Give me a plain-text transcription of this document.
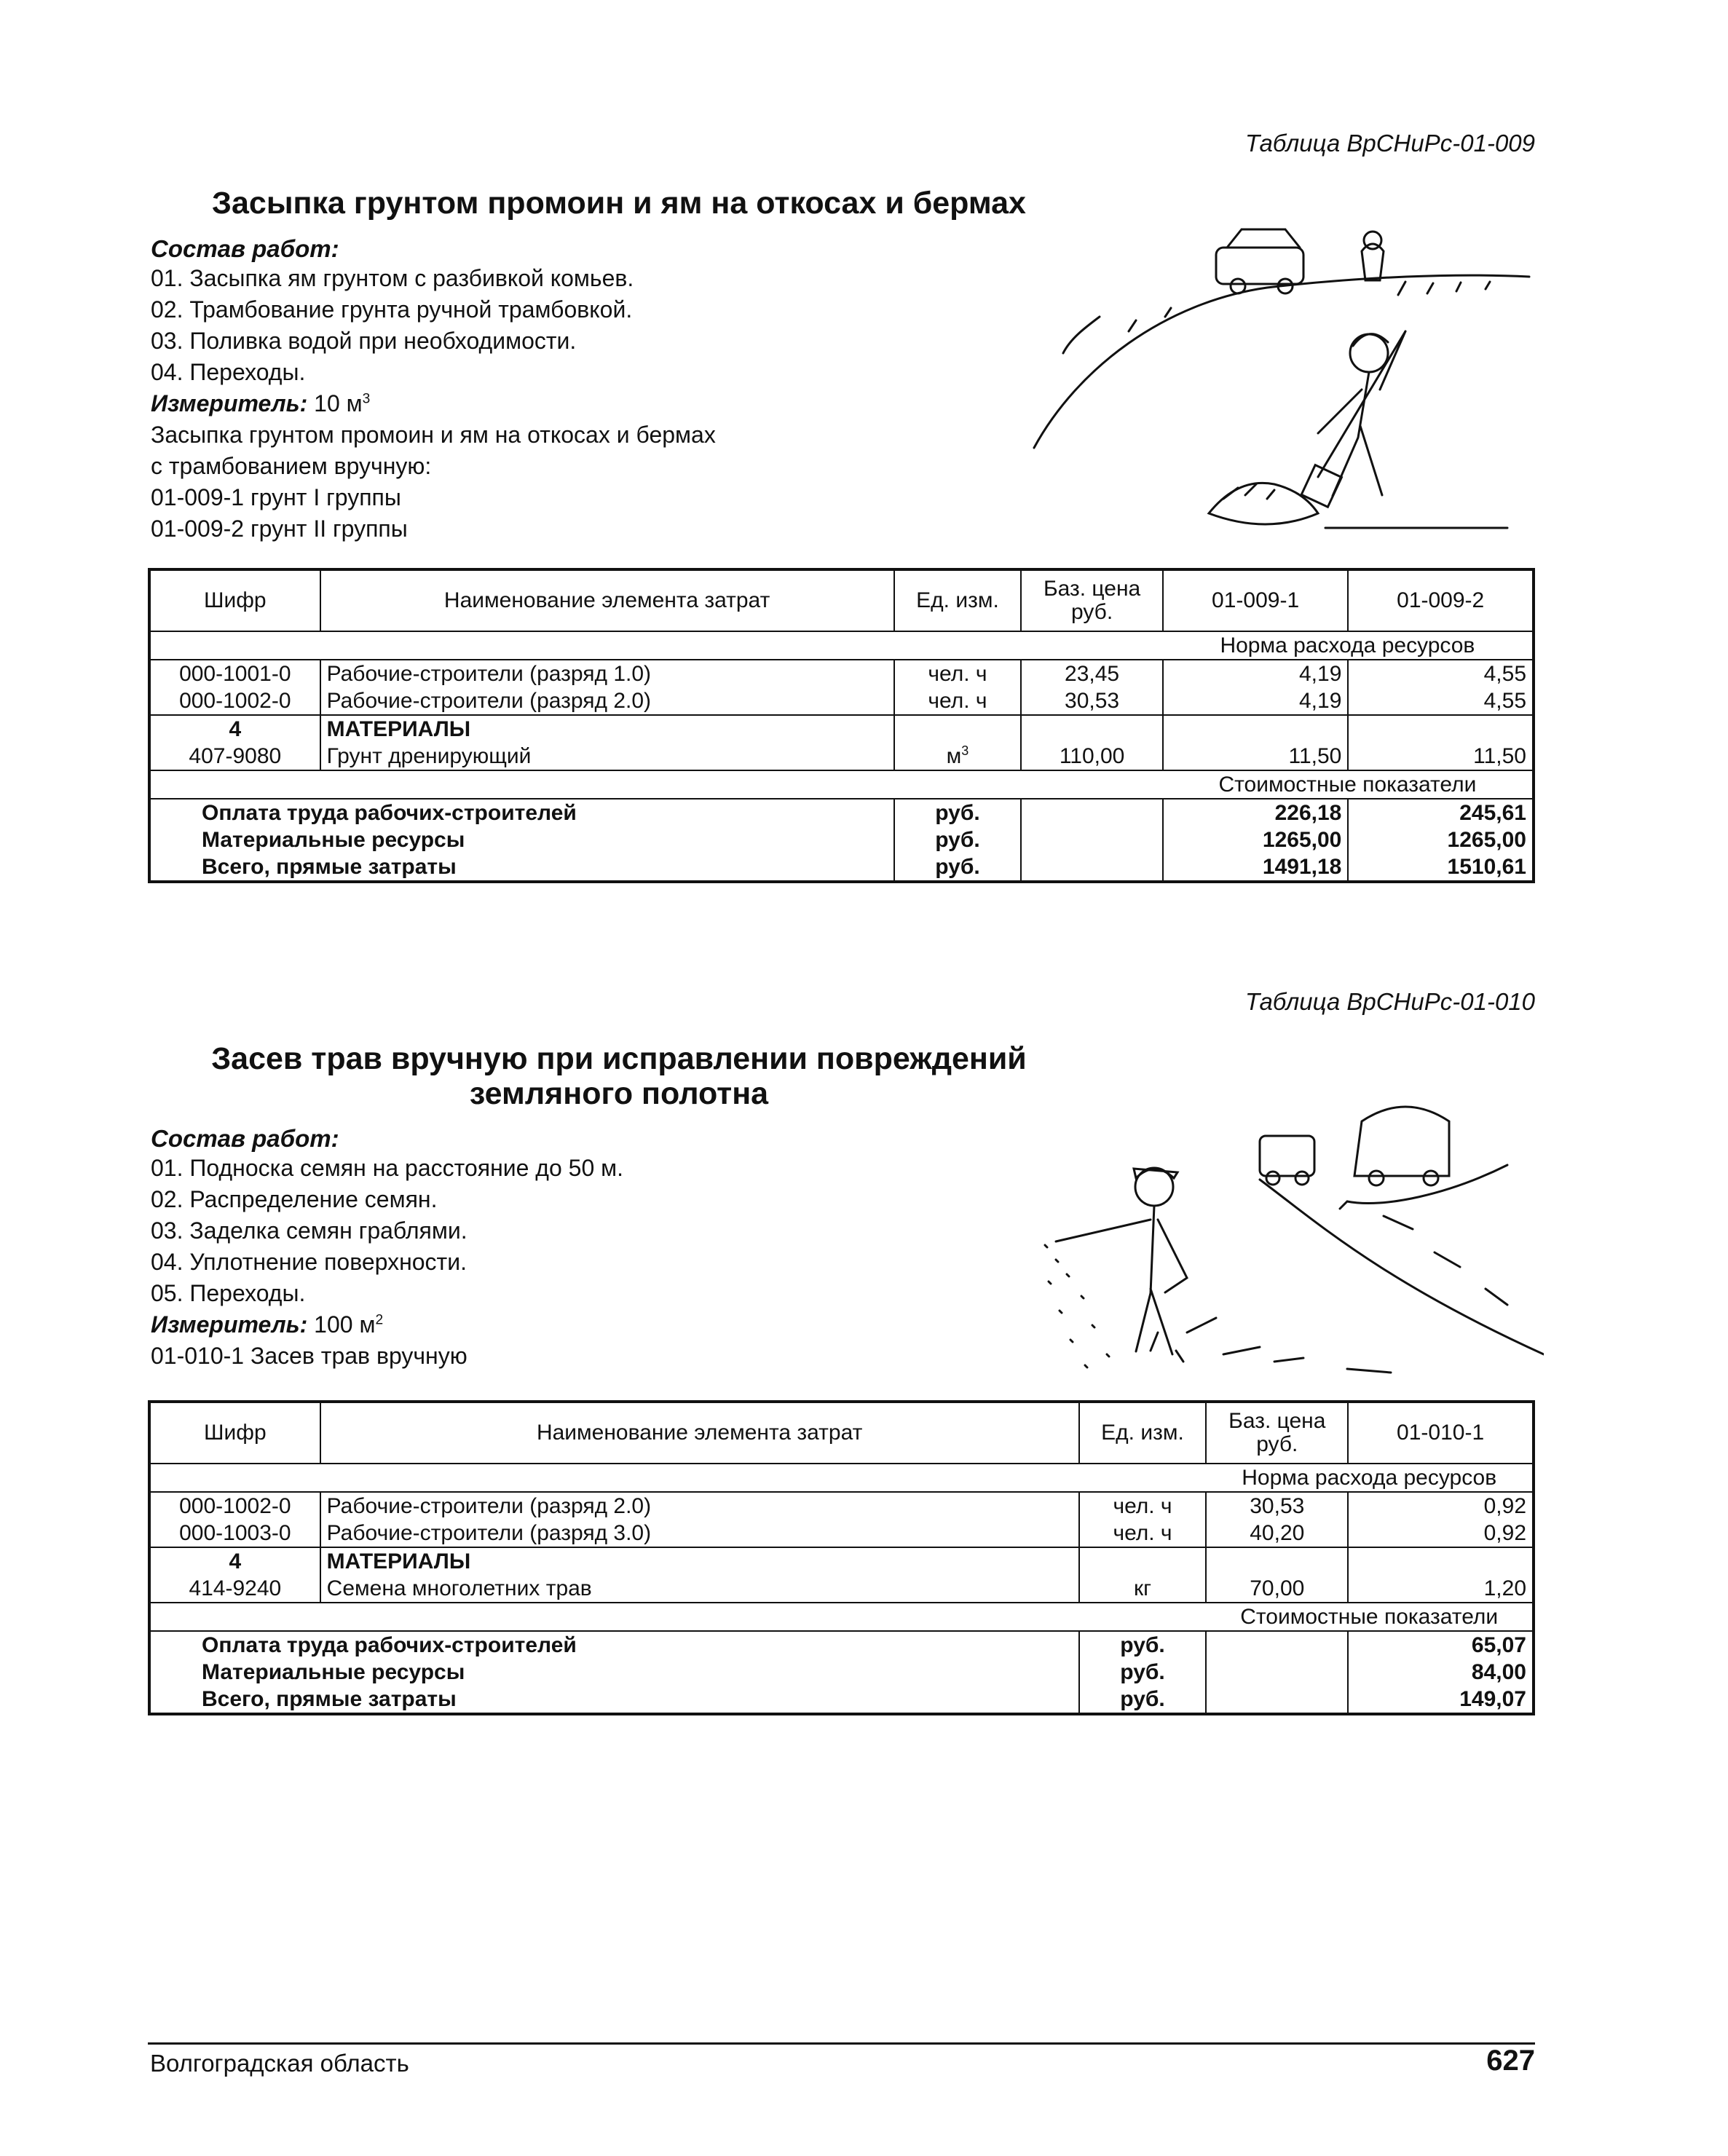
Таблица ВрСНиРс-01-009
Засыпка грунтом промоин и ям на откосах и бермах
Состав работ:
01. Засыпка ям грунтом с разбивкой комьев.
02. Трамбование грунта ручной трамбовкой.
03. Поливка водой при необходимости.
04. Переходы.
Измеритель: 10 $м^3$
Засыпка грунтом промоин и ям на откосах и бермах
с трамбованием вручную:
01-009-1 грунт I группы
01-009-2 грунт II группы
Шифр	Наименование элемента затрат	Ед. изм.	Баз. цена руб.	01-009-1	01-009-2
				Норма расхода ресурсов	
000-1001-0	Рабочие-строители (разряд 1.0)	чел. ч	23,45	4,19	4,55
000-1002-0	Рабочие-строители (разряд 2.0)	чел. ч	30,53	4,19	4,55
4	МАТЕРИАЛЫ				
407-9080	Грунт дренирующий	$м^3$	110,00	11,50	11,50
				Стоимостные показатели	
Оплата труда рабочих-строителей		руб.		226,18	245,61
Материальные ресурсы		руб.		1265,00	1265,00
Всего, прямые затраты		руб.		1491,18	1510,61
Таблица ВрСНиРс-01-010
Засев трав вручную при исправлении повреждений
земляного полотна
Состав работ:
01. Подноска семян на расстояние до 50 м.
02. Распределение семян.
03. Заделка семян граблями.
04. Уплотнение поверхности.
05. Переходы.
Измеритель: 100 $м^2$
01-010-1 Засев трав вручную
Шифр	Наименование элемента затрат	Ед. изм.	Баз. цена руб.	01-010-1
			Норма расхода ресурсов	
000-1002-0	Рабочие-строители (разряд 2.0)	чел. ч	30,53	0,92
000-1003-0	Рабочие-строители (разряд 3.0)	чел. ч	40,20	0,92
4	МАТЕРИАЛЫ			
414-9240	Семена многолетних трав	кг	70,00	1,20
			Стоимостные показатели	
Оплата труда рабочих-строителей		руб.		65,07
Материальные ресурсы		руб.		84,00
Всего, прямые затраты		руб.		149,07
Волгоградская область	627
